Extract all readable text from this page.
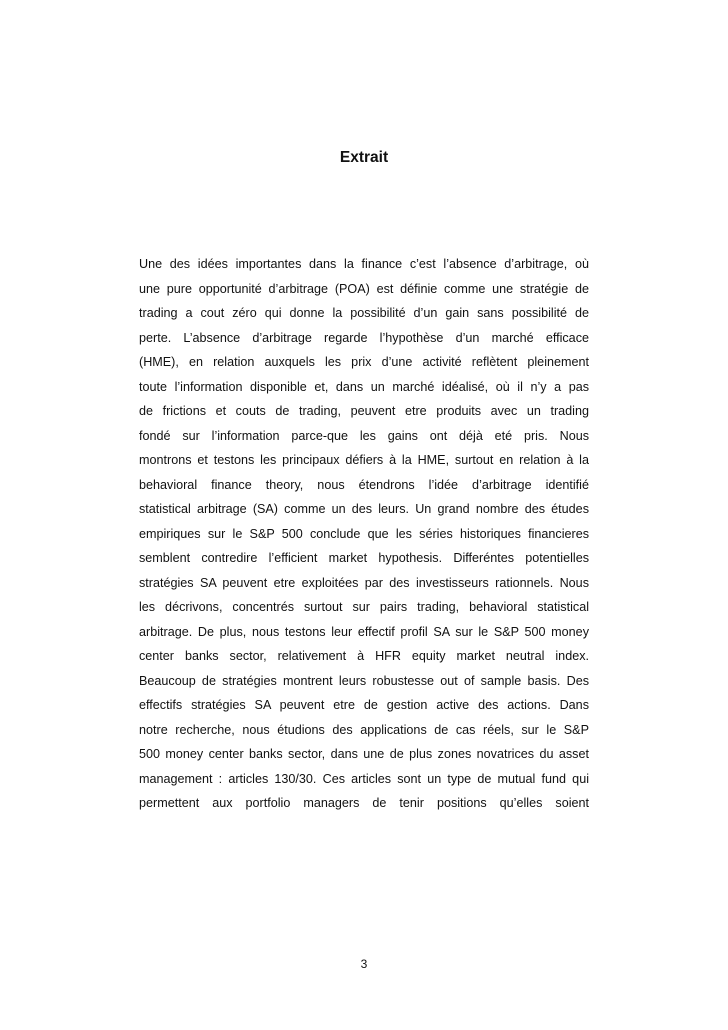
Extrait
Une des idées importantes dans la finance c’est l’absence d’arbitrage, où
une pure opportunité d’arbitrage (POA) est définie comme une stratégie de
trading a cout zéro qui donne la possibilité d’un gain sans possibilité de
perte. L’absence d’arbitrage regarde l’hypothèse d’un marché efficace
(HME), en relation auxquels les prix d’une activité reflètent pleinement
toute l’information disponible et, dans un marché idéalisé, où il n’y a pas
de frictions et couts de trading, peuvent etre produits avec un trading
fondé sur l’information parce-que les gains ont déjà eté pris. Nous
montrons et testons les principaux défiers à la HME, surtout en relation à la
behavioral finance theory, nous étendrons l’idée d’arbitrage identifié
statistical arbitrage (SA) comme un des leurs. Un grand nombre des études
empiriques sur le S&P 500 conclude que les séries historiques financieres
semblent contredire l’efficient market hypothesis. Differéntes potentielles
stratégies SA peuvent etre exploitées par des investisseurs rationnels. Nous
les décrivons, concentrés surtout sur pairs trading, behavioral statistical
arbitrage. De plus, nous testons leur effectif profil SA sur le S&P 500 money
center banks sector, relativement à HFR equity market neutral index.
Beaucoup de stratégies montrent leurs robustesse out of sample basis. Des
effectifs stratégies SA peuvent etre de gestion active des actions. Dans
notre recherche, nous étudions des applications de cas réels, sur le S&P
500 money center banks sector, dans une de plus zones novatrices du asset
management : articles 130/30. Ces articles sont un type de mutual fund qui
permettent aux portfolio managers de tenir positions qu’elles soient
3
